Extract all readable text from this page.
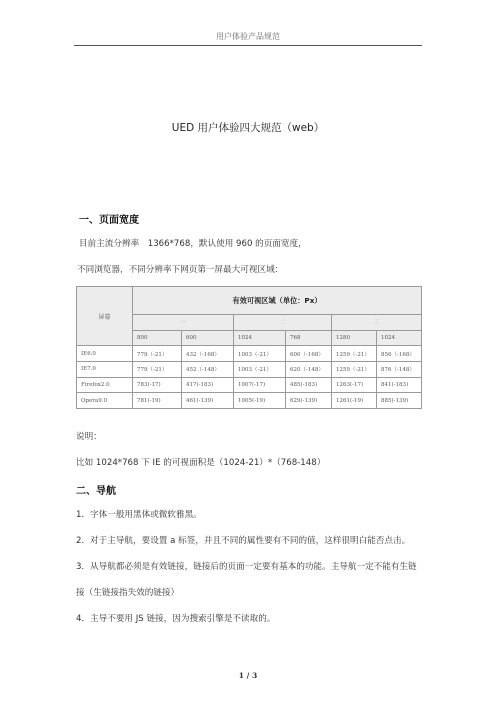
用户体验产品规范
UED 用户体验四大规范（web）
一、页面宽度
目前主流分辨率　1366*768，默认使用 960 的页面宽度，
不同浏览器，不同分辨率下网页第一屏最大可视区域：
屏幕	有效可视区域（单位：Px）					
	一		二		三	
	800	600	1024	768	1280	1024
IE6.0	779（-21）	432（-168）	1003（-21）	600（-168）	1259（-21）	856（-168）
IE7.0	779（-21）	452（-148）	1003（-21）	620（-148）	1259（-21）	876（-148）
Firefox2.0	783(-17)	417(-183)	1007(-17)	485(-183)	1263(-17)	841(-183)
Opera9.0	781(-19)	461(-139)	1005(-19)	629(-139)	1261(-19)	885(-139)
说明：
比如 1024*768 下 IE 的可视面积是（1024-21）*（768-148）
二、导航
1．字体一般用黑体或微软雅黑。
2．对于主导航，要设置 a 标签，并且不同的属性要有不同的值，这样很明白能否点击。
3．从导航都必须是有效链接，链接后的页面一定要有基本的功能。主导航一定不能有生链
接（生链接指失效的链接）
4．主导不要用 JS 链接，因为搜索引擎是不读取的。
1 / 3
